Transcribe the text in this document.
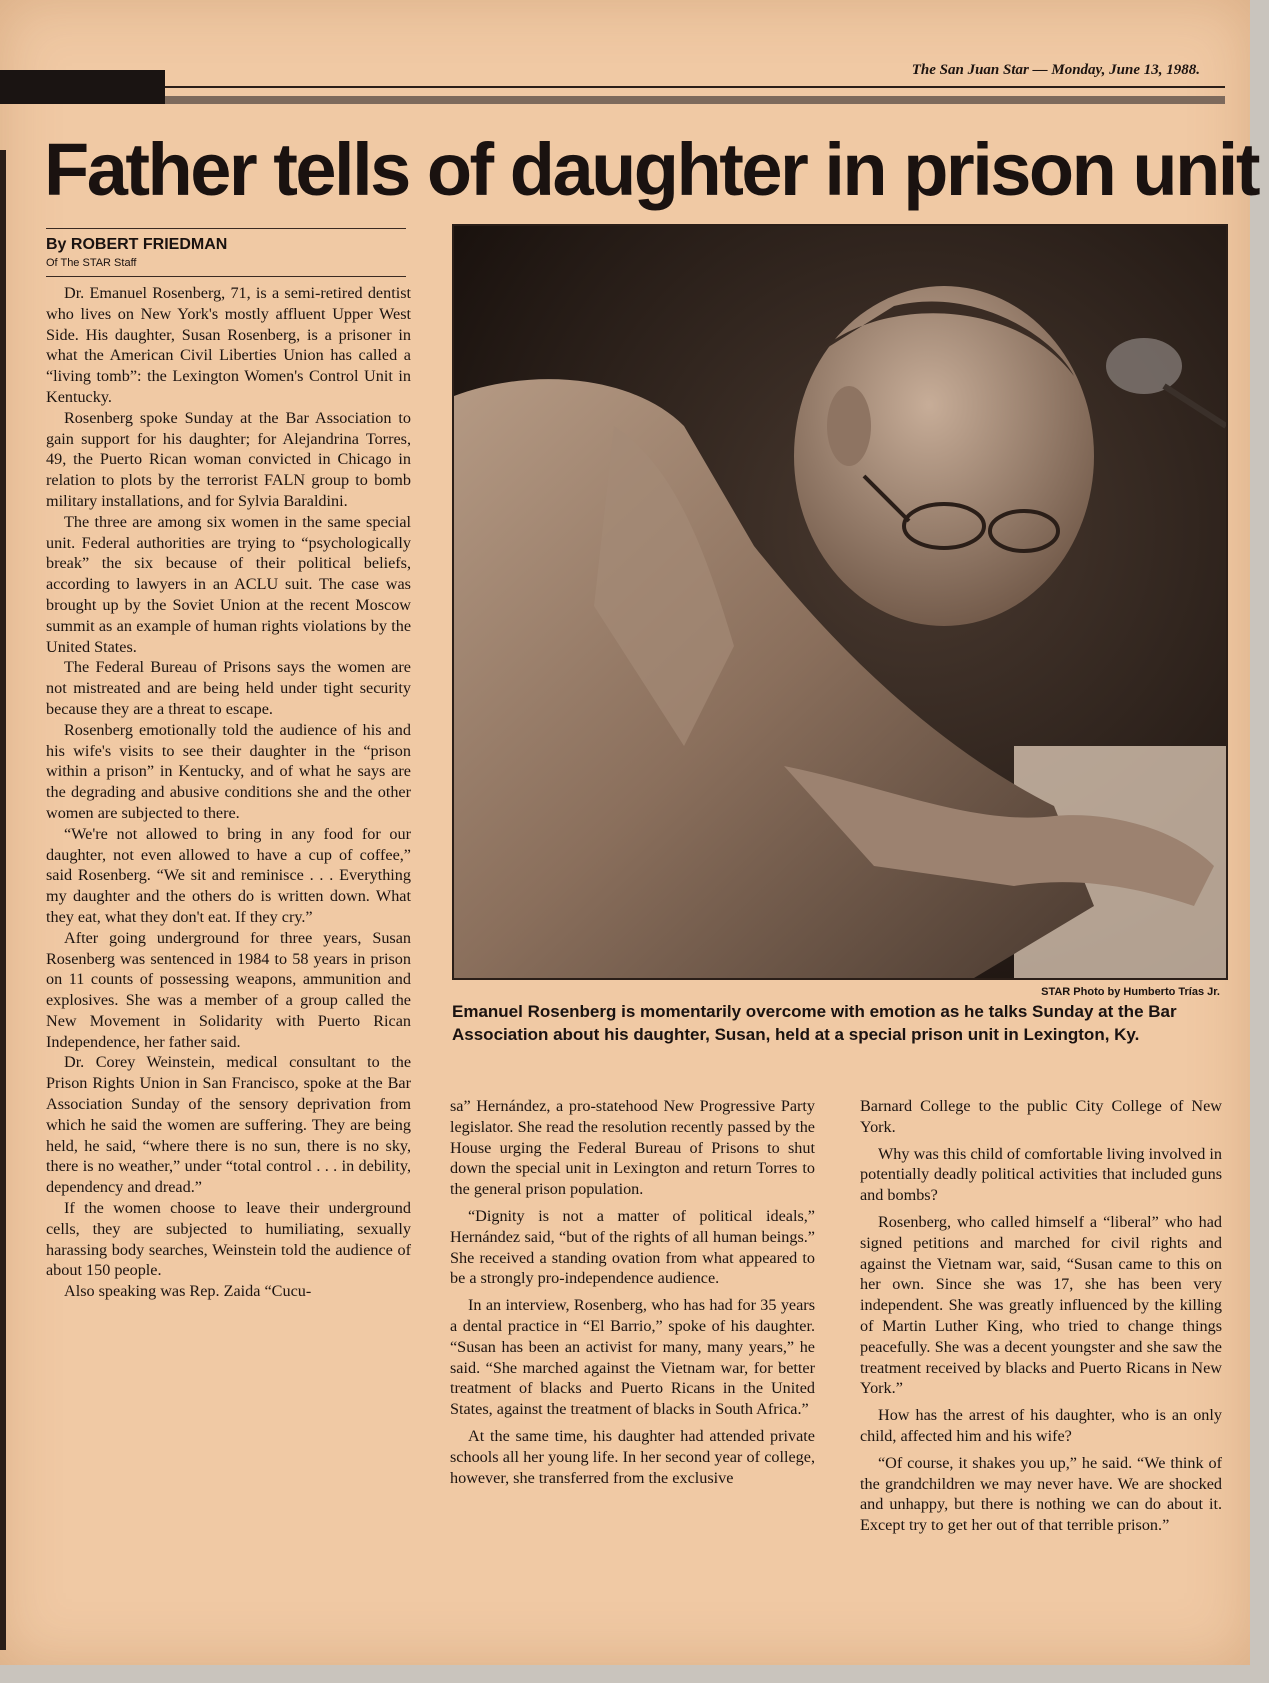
The San Juan Star — Monday, June 13, 1988.
Father tells of daughter in prison unit
By ROBERT FRIEDMAN
Of The STAR Staff

Dr. Emanuel Rosenberg, 71, is a semi-retired dentist who lives on New York's mostly affluent Upper West Side. His daughter, Susan Rosenberg, is a prisoner in what the American Civil Liberties Union has called a “living tomb”: the Lexington Women's Control Unit in Kentucky.

Rosenberg spoke Sunday at the Bar Association to gain support for his daughter; for Alejandrina Torres, 49, the Puerto Rican woman convicted in Chicago in relation to plots by the terrorist FALN group to bomb military installations, and for Sylvia Baraldini.

The three are among six women in the same special unit. Federal authorities are trying to “psychologically break” the six because of their political beliefs, according to lawyers in an ACLU suit. The case was brought up by the Soviet Union at the recent Moscow summit as an example of human rights violations by the United States.

The Federal Bureau of Prisons says the women are not mistreated and are being held under tight security because they are a threat to escape.

Rosenberg emotionally told the audience of his and his wife's visits to see their daughter in the “prison within a prison” in Kentucky, and of what he says are the degrading and abusive conditions she and the other women are subjected to there.

“We're not allowed to bring in any food for our daughter, not even allowed to have a cup of coffee,” said Rosenberg. “We sit and reminisce . . . Everything my daughter and the others do is written down. What they eat, what they don't eat. If they cry.”

After going underground for three years, Susan Rosenberg was sentenced in 1984 to 58 years in prison on 11 counts of possessing weapons, ammunition and explosives. She was a member of a group called the New Movement in Solidarity with Puerto Rican Independence, her father said.

Dr. Corey Weinstein, medical consultant to the Prison Rights Union in San Francisco, spoke at the Bar Association Sunday of the sensory deprivation from which he said the women are suffering. They are being held, he said, “where there is no sun, there is no sky, there is no weather,” under “total control . . . in debility, dependency and dread.”

If the women choose to leave their underground cells, they are subjected to humiliating, sexually harassing body searches, Weinstein told the audience of about 150 people.

Also speaking was Rep. Zaida “Cucu-

STAR Photo by Humberto Trías Jr.
Emanuel Rosenberg is momentarily overcome with emotion as he talks Sunday at the Bar Association about his daughter, Susan, held at a special prison unit in Lexington, Ky.

sa” Hernández, a pro-statehood New Progressive Party legislator. She read the resolution recently passed by the House urging the Federal Bureau of Prisons to shut down the special unit in Lexington and return Torres to the general prison population.

“Dignity is not a matter of political ideals,” Hernández said, “but of the rights of all human beings.” She received a standing ovation from what appeared to be a strongly pro-independence audience.

In an interview, Rosenberg, who has had for 35 years a dental practice in “El Barrio,” spoke of his daughter. “Susan has been an activist for many, many years,” he said. “She marched against the Vietnam war, for better treatment of blacks and Puerto Ricans in the United States, against the treatment of blacks in South Africa.”

At the same time, his daughter had attended private schools all her young life. In her second year of college, however, she transferred from the exclusive

Barnard College to the public City College of New York.

Why was this child of comfortable living involved in potentially deadly political activities that included guns and bombs?

Rosenberg, who called himself a “liberal” who had signed petitions and marched for civil rights and against the Vietnam war, said, “Susan came to this on her own. Since she was 17, she has been very independent. She was greatly influenced by the killing of Martin Luther King, who tried to change things peacefully. She was a decent youngster and she saw the treatment received by blacks and Puerto Ricans in New York.”

How has the arrest of his daughter, who is an only child, affected him and his wife?

“Of course, it shakes you up,” he said. “We think of the grandchildren we may never have. We are shocked and unhappy, but there is nothing we can do about it. Except try to get her out of that terrible prison.”
